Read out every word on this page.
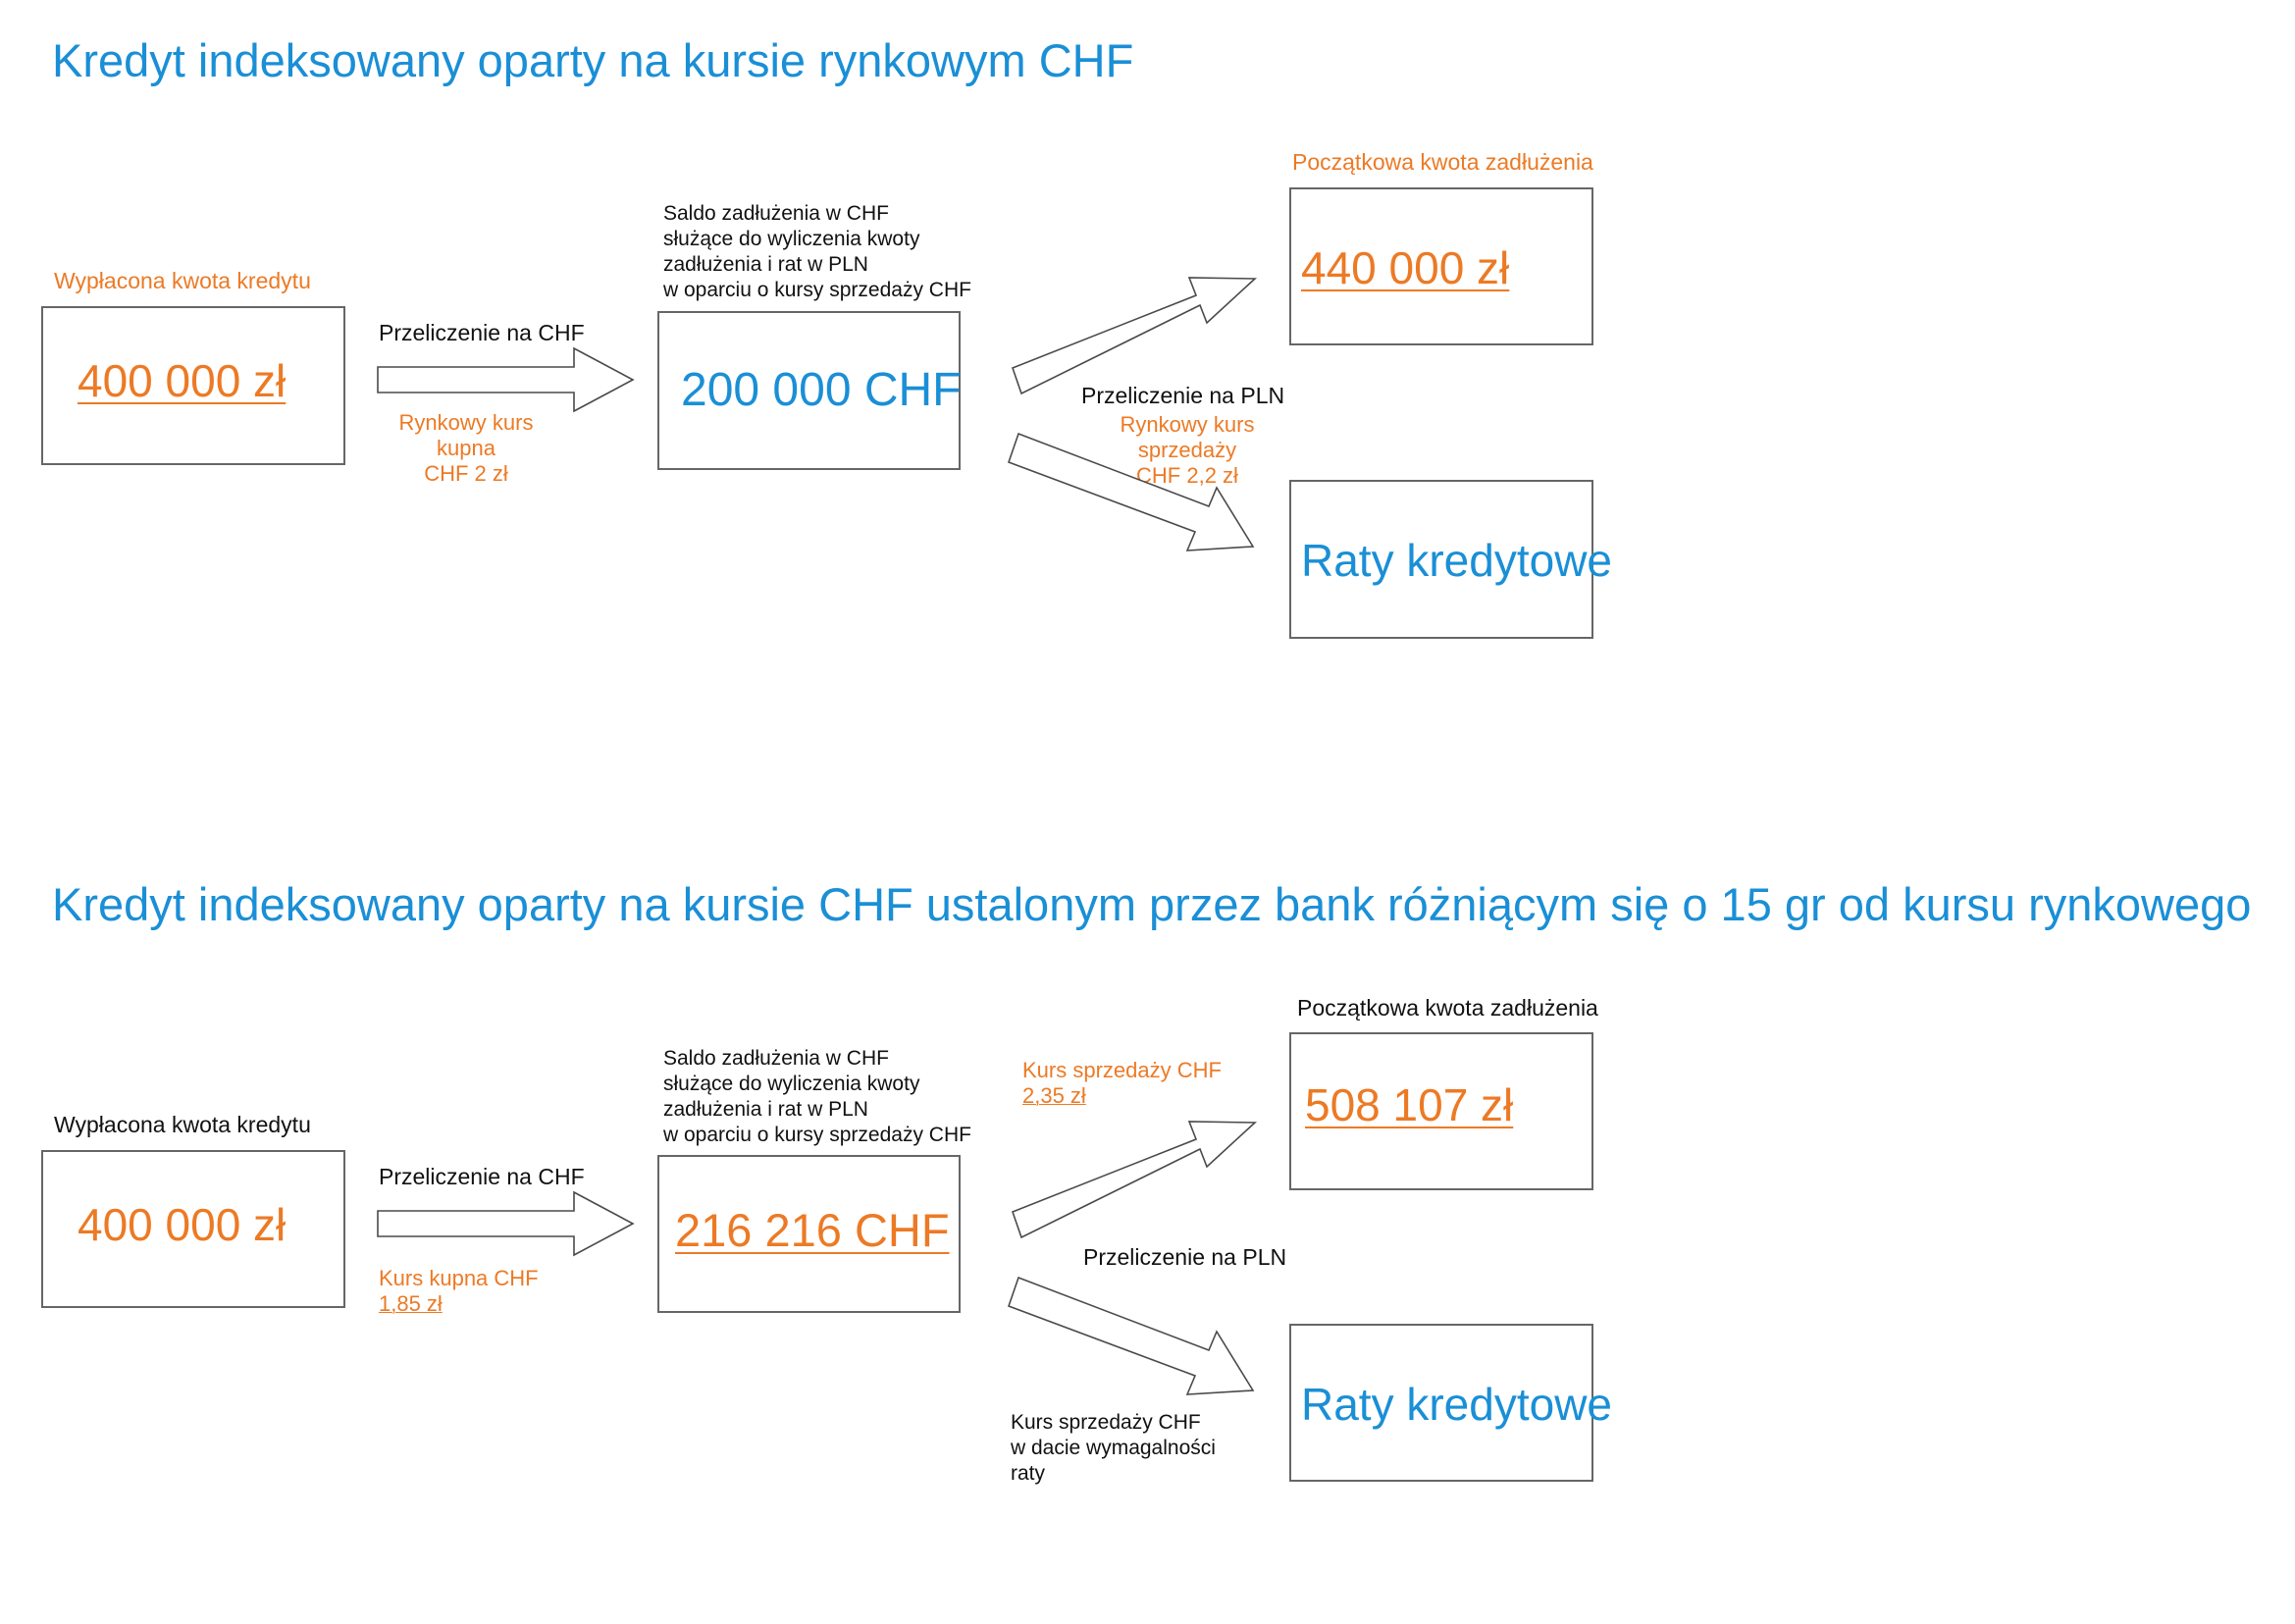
Kredyt indeksowany oparty na kursie rynkowym CHF
Wypłacona kwota kredytu
400 000 zł
Przeliczenie na CHF
Rynkowy kurs kupna
CHF 2 zł
Saldo zadłużenia w CHF
służące do wyliczenia kwoty
zadłużenia i rat w PLN
w oparciu o kursy sprzedaży CHF
200 000 CHF
Początkowa kwota zadłużenia
440 000 zł
Przeliczenie na PLN
Rynkowy kurs sprzedaży
CHF 2,2 zł
Raty kredytowe
Kredyt indeksowany oparty na kursie CHF ustalonym przez bank różniącym się o 15 gr od kursu rynkowego
Wypłacona kwota kredytu
400 000 zł
Przeliczenie na CHF
Kurs kupna CHF
1,85 zł
Saldo zadłużenia w CHF
służące do wyliczenia kwoty
zadłużenia i rat w PLN
w oparciu o kursy sprzedaży CHF
216 216 CHF
Kurs sprzedaży CHF
2,35 zł
Początkowa kwota zadłużenia
508 107 zł
Przeliczenie na PLN
Raty kredytowe
Kurs sprzedaży CHF
w dacie wymagalności
raty
